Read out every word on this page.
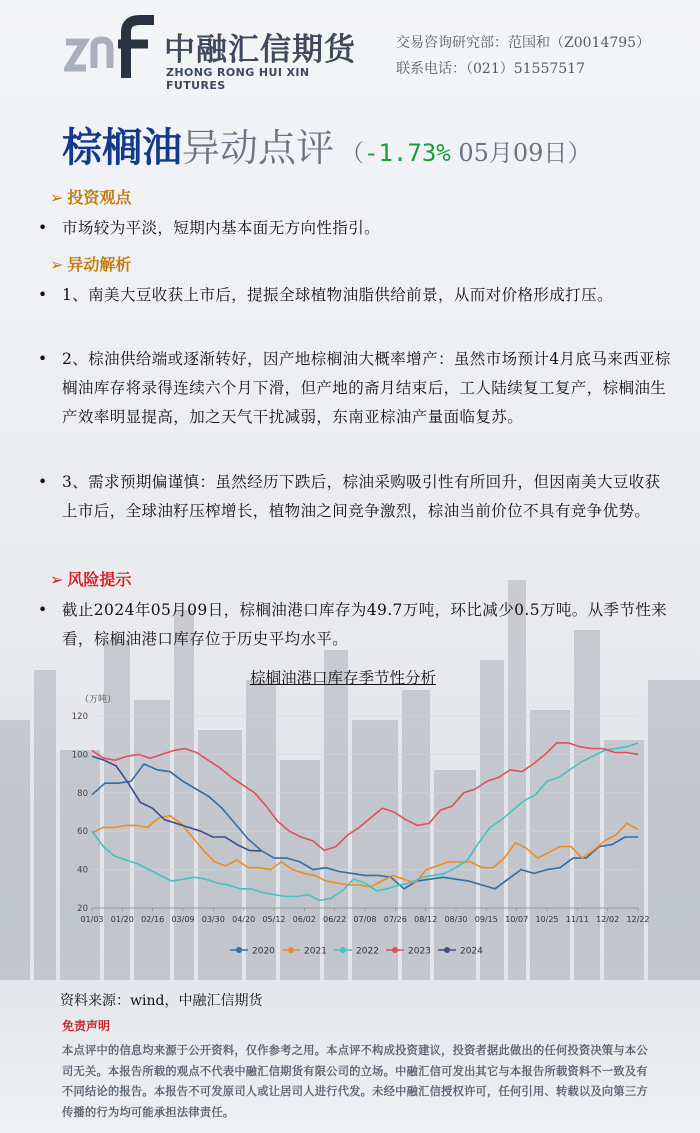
中融汇信期货
ZHONG RONG HUI XIN FUTURES
交易咨询研究部：范国和（Z0014795）
联系电话：（021）51557517
棕榈油异动点评 （-1.73% 05月09日）
➢ 投资观点
• 市场较为平淡，短期内基本面无方向性指引。
➢ 异动解析
• 1、南美大豆收获上市后，提振全球植物油脂供给前景，从而对价格形成打压。
• 2、棕油供给端或逐渐转好，因产地棕榈油大概率增产：虽然市场预计4月底马来西亚棕榈油库存将录得连续六个月下滑，但产地的斋月结束后，工人陆续复工复产，棕榈油生产效率明显提高，加之天气干扰减弱，东南亚棕油产量面临复苏。
• 3、需求预期偏谨慎：虽然经历下跌后，棕油采购吸引性有所回升，但因南美大豆收获上市后，全球油籽压榨增长，植物油之间竞争激烈，棕油当前价位不具有竞争优势。
➢ 风险提示
• 截止2024年05月09日，棕榈油港口库存为49.7万吨，环比减少0.5万吨。从季节性来看，棕榈油港口库存位于历史平均水平。
棕榈油港口库存季节性分析
（万吨）
20
40
60
80
100
120
01/03 01/20 02/16 03/09 03/30 04/20 05/12 06/02 06/22 07/08 07/26 08/12 08/30 09/15 10/07 10/25 11/11 12/02 12/22
2020	2021	2022	2023	2024
资料来源：wind，中融汇信期货
免责声明
本点评中的信息均来源于公开资料，仅作参考之用。本点评不构成投资建议，投资者据此做出的任何投资决策与本公司无关。本报告所载的观点不代表中融汇信期货有限公司的立场。中融汇信可发出其它与本报告所载资料不一致及有不同结论的报告。本报告不可发原司人或让居司人进行代发。未经中融汇信授权许可，任何引用、转载以及向第三方传播的行为均可能承担法律责任。
